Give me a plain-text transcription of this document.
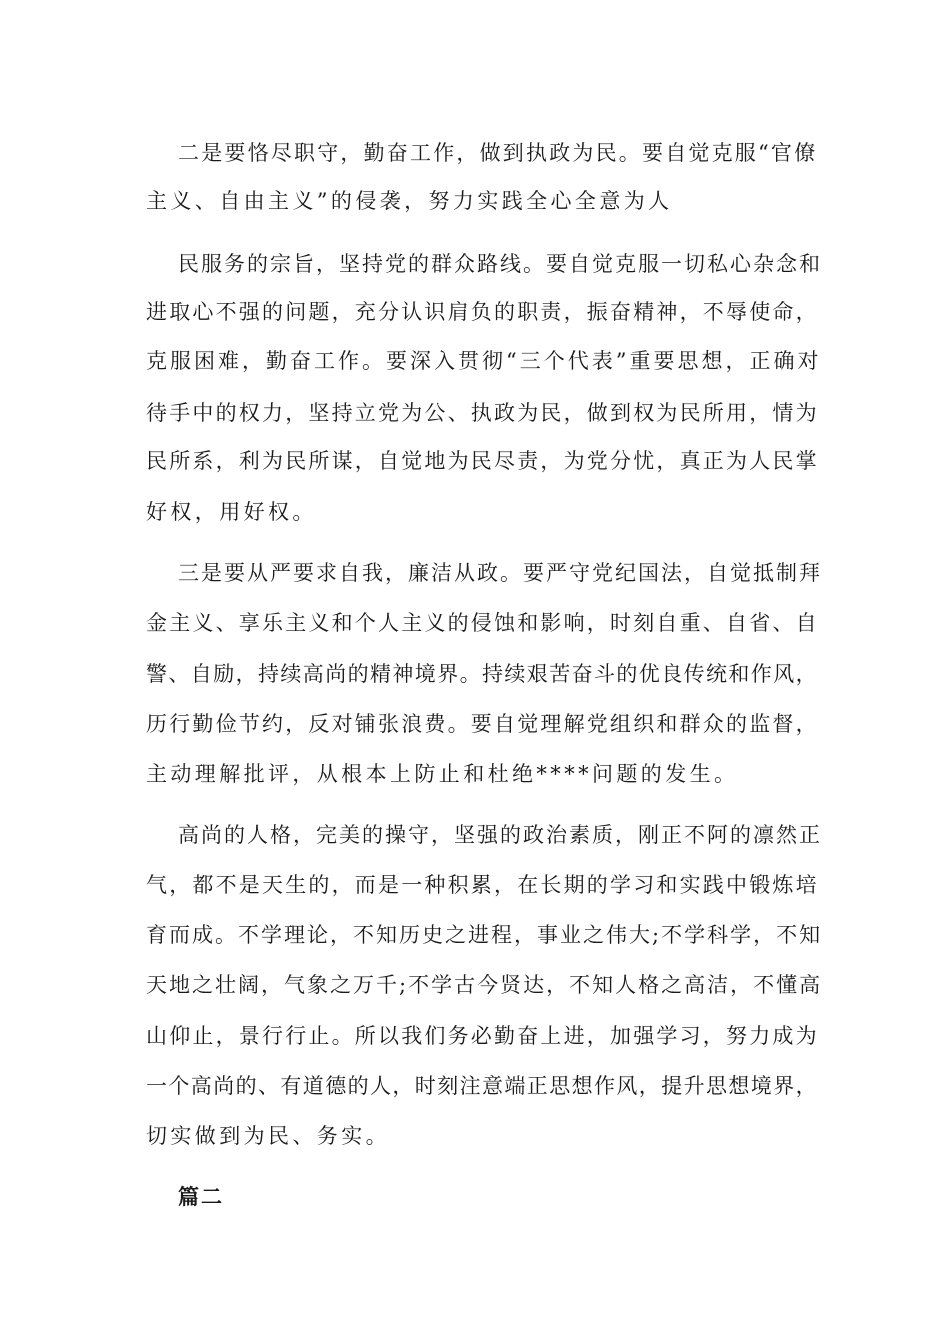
二是要恪尽职守，勤奋工作，做到执政为民。要自觉克服“官僚
主义、自由主义”的侵袭，努力实践全心全意为人
民服务的宗旨，坚持党的群众路线。要自觉克服一切私心杂念和
进取心不强的问题，充分认识肩负的职责，振奋精神，不辱使命，
克服困难，勤奋工作。要深入贯彻“三个代表”重要思想，正确对
待手中的权力，坚持立党为公、执政为民，做到权为民所用，情为
民所系，利为民所谋，自觉地为民尽责，为党分忧，真正为人民掌
好权，用好权。
三是要从严要求自我，廉洁从政。要严守党纪国法，自觉抵制拜
金主义、享乐主义和个人主义的侵蚀和影响，时刻自重、自省、自
警、自励，持续高尚的精神境界。持续艰苦奋斗的优良传统和作风，
历行勤俭节约，反对铺张浪费。要自觉理解党组织和群众的监督，
主动理解批评，从根本上防止和杜绝****问题的发生。
高尚的人格，完美的操守，坚强的政治素质，刚正不阿的凛然正
气，都不是天生的，而是一种积累，在长期的学习和实践中锻炼培
育而成。不学理论，不知历史之进程，事业之伟大;不学科学，不知
天地之壮阔，气象之万千;不学古今贤达，不知人格之高洁，不懂高
山仰止，景行行止。所以我们务必勤奋上进，加强学习，努力成为
一个高尚的、有道德的人，时刻注意端正思想作风，提升思想境界，
切实做到为民、务实。
篇二
